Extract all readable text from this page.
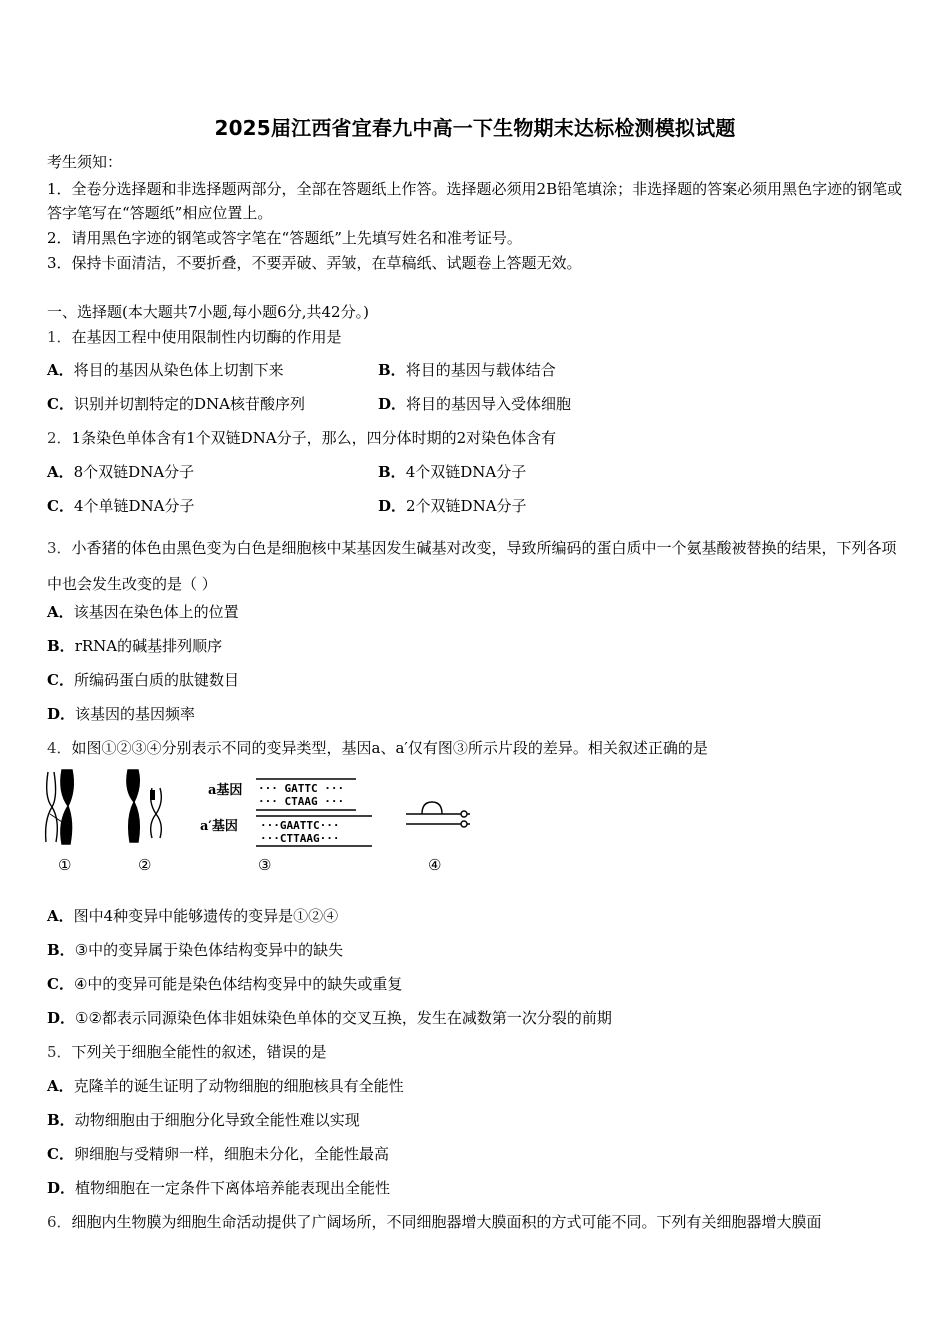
2025届江西省宜春九中高一下生物期末达标检测模拟试题
考生须知：
1．全卷分选择题和非选择题两部分，全部在答题纸上作答。选择题必须用2B铅笔填涂；非选择题的答案必须用黑色字迹的钢笔或答字笔写在“答题纸”相应位置上。
2．请用黑色字迹的钢笔或答字笔在“答题纸”上先填写姓名和准考证号。
3．保持卡面清洁，不要折叠，不要弄破、弄皱，在草稿纸、试题卷上答题无效。
一、选择题(本大题共7小题,每小题6分,共42分。)
1．在基因工程中使用限制性内切酶的作用是
A．将目的基因从染色体上切割下来	B．将目的基因与载体结合
C．识别并切割特定的DNA核苷酸序列	D．将目的基因导入受体细胞
2．1条染色单体含有1个双链DNA分子，那么，四分体时期的2对染色体含有
A．8个双链DNA分子	B．4个双链DNA分子
C．4个单链DNA分子	D．2个双链DNA分子
3．小香猪的体色由黑色变为白色是细胞核中某基因发生碱基对改变，导致所编码的蛋白质中一个氨基酸被替换的结果，下列各项中也会发生改变的是（ ）
A．该基因在染色体上的位置
B．rRNA的碱基排列顺序
C．所编码蛋白质的肽键数目
D．该基因的基因频率
4．如图①②③④分别表示不同的变异类型，基因a、a′仅有图③所示片段的差异。相关叙述正确的是
a基因 ··· GATTC ···
··· CTAAG ···
a′基因 ···GAATTC···
···CTTAAG···
①	②	③	④
A．图中4种变异中能够遗传的变异是①②④
B．③中的变异属于染色体结构变异中的缺失
C．④中的变异可能是染色体结构变异中的缺失或重复
D．①②都表示同源染色体非姐妹染色单体的交叉互换，发生在减数第一次分裂的前期
5．下列关于细胞全能性的叙述，错误的是
A．克隆羊的诞生证明了动物细胞的细胞核具有全能性
B．动物细胞由于细胞分化导致全能性难以实现
C．卵细胞与受精卵一样，细胞未分化，全能性最高
D．植物细胞在一定条件下离体培养能表现出全能性
6．细胞内生物膜为细胞生命活动提供了广阔场所，不同细胞器增大膜面积的方式可能不同。下列有关细胞器增大膜面
